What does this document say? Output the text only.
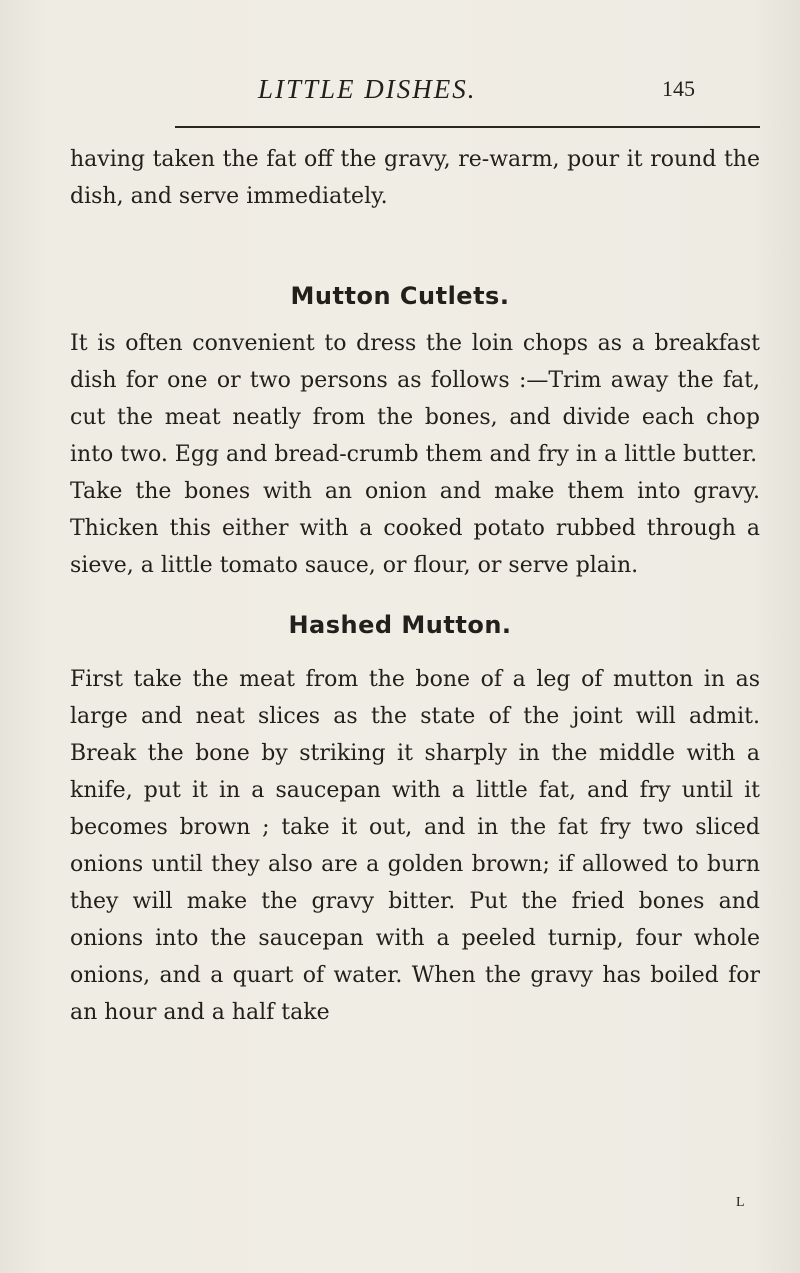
LITTLE DISHES.	145
having taken the fat off the gravy, re-warm, pour it round the dish, and serve immediately.
Mutton Cutlets.
It is often convenient to dress the loin chops as a breakfast dish for one or two persons as follows :—Trim away the fat, cut the meat neatly from the bones, and divide each chop into two. Egg and bread-crumb them and fry in a little butter.
Take the bones with an onion and make them into gravy. Thicken this either with a cooked potato rubbed through a sieve, a little tomato sauce, or flour, or serve plain.
Hashed Mutton.
First take the meat from the bone of a leg of mutton in as large and neat slices as the state of the joint will admit. Break the bone by striking it sharply in the middle with a knife, put it in a saucepan with a little fat, and fry until it becomes brown ; take it out, and in the fat fry two sliced onions until they also are a golden brown; if allowed to burn they will make the gravy bitter. Put the fried bones and onions into the saucepan with a peeled turnip, four whole onions, and a quart of water. When the gravy has boiled for an hour and a half take
L
